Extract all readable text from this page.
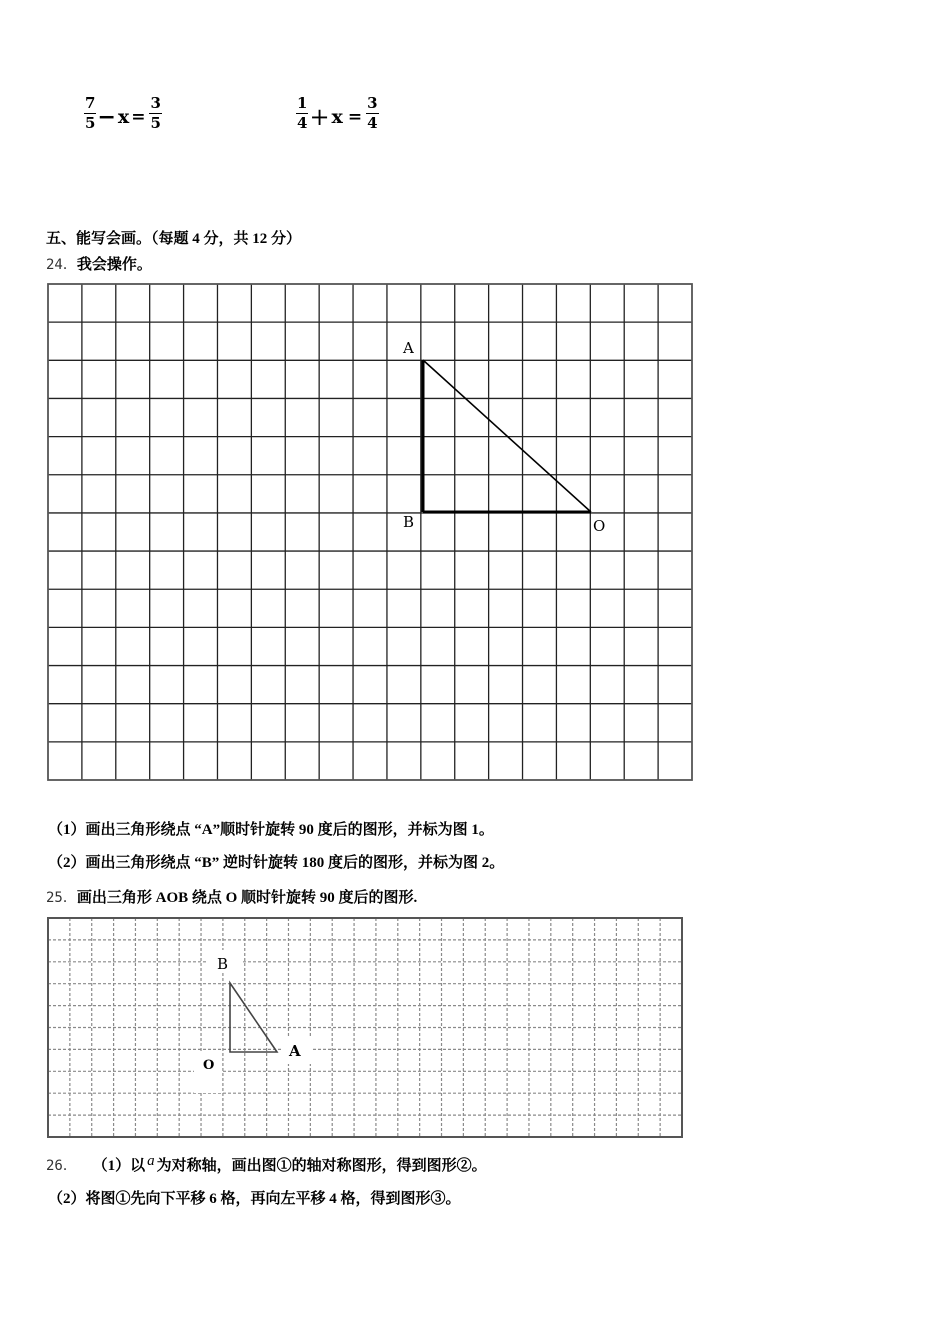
$\frac{7}{5} - x = \frac{3}{5}$	$\frac{1}{4} + x = \frac{3}{4}$
五、能写会画。（每题 4 分，共 12 分）
24．我会操作。
A
B	O
（1）画出三角形绕点 “A”顺时针旋转 90 度后的图形，并标为图 1。
（2）画出三角形绕点 “B” 逆时针旋转 180 度后的图形，并标为图 2。
25．画出三角形 AOB 绕点 O 顺时针旋转 90 度后的图形.
B
A
O
26． （1）以 a 为对称轴，画出图①的轴对称图形，得到图形②。
（2）将图①先向下平移 6 格，再向左平移 4 格，得到图形③。
